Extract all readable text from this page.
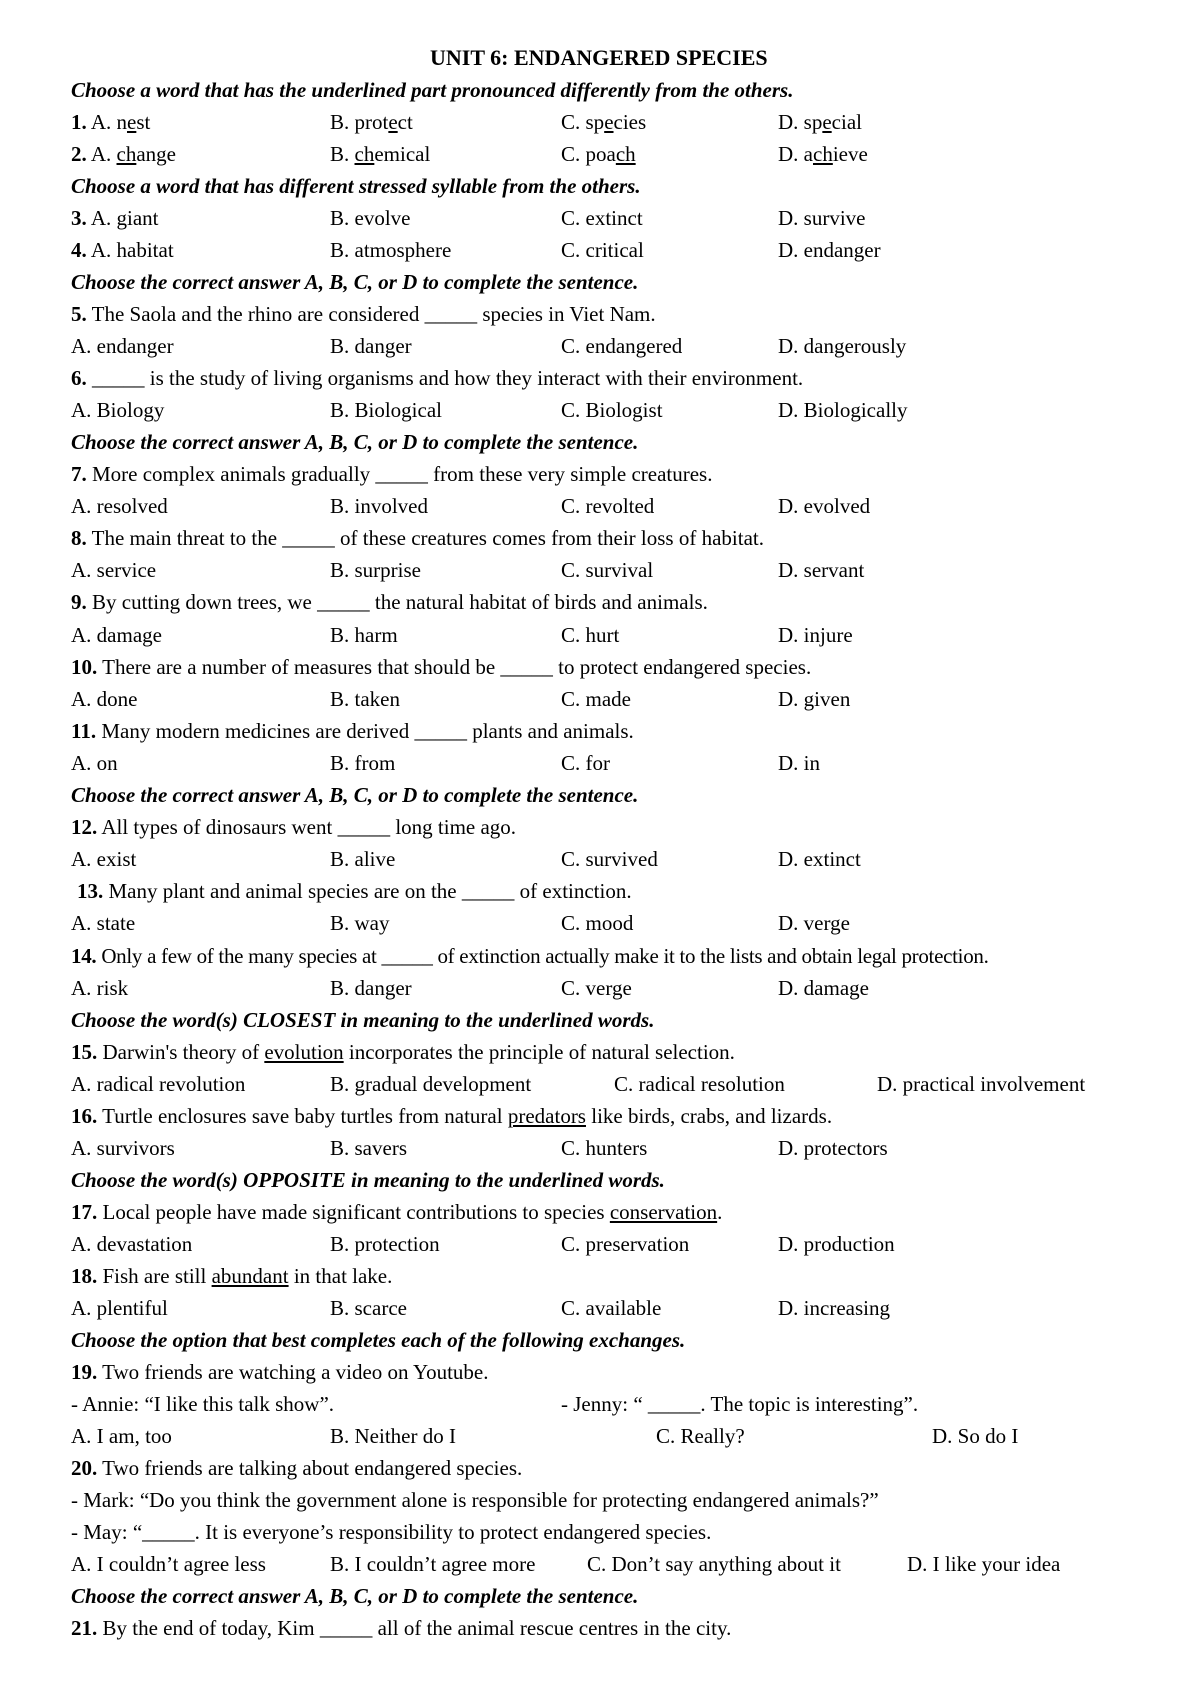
UNIT 6: ENDANGERED SPECIES
Choose a word that has the underlined part pronounced differently from the others.
1. A. nest	B. protect	C. species	D. special
2. A. change	B. chemical	C. poach	D. achieve
Choose a word that has different stressed syllable from the others.
3. A. giant	B. evolve	C. extinct	D. survive
4. A. habitat	B. atmosphere	C. critical	D. endanger
Choose the correct answer A, B, C, or D to complete the sentence.
5. The Saola and the rhino are considered _____ species in Viet Nam.
A. endanger	B. danger	C. endangered	D. dangerously
6. _____ is the study of living organisms and how they interact with their environment.
A. Biology	B. Biological	C. Biologist	D. Biologically
Choose the correct answer A, B, C, or D to complete the sentence.
7. More complex animals gradually _____ from these very simple creatures.
A. resolved	B. involved	C. revolted	D. evolved
8. The main threat to the _____ of these creatures comes from their loss of habitat.
A. service	B. surprise	C. survival	D. servant
9. By cutting down trees, we _____ the natural habitat of birds and animals.
A. damage	B. harm	C. hurt	D. injure
10. There are a number of measures that should be _____ to protect endangered species.
A. done	B. taken	C. made	D. given
11. Many modern medicines are derived _____ plants and animals.
A. on	B. from	C. for	D. in
Choose the correct answer A, B, C, or D to complete the sentence.
12. All types of dinosaurs went _____ long time ago.
A. exist	B. alive	C. survived	D. extinct
13. Many plant and animal species are on the _____ of extinction.
A. state	B. way	C. mood	D. verge
14. Only a few of the many species at _____ of extinction actually make it to the lists and obtain legal protection.
A. risk	B. danger	C. verge	D. damage
Choose the word(s) CLOSEST in meaning to the underlined words.
15. Darwin's theory of evolution incorporates the principle of natural selection.
A. radical revolution	B. gradual development	C. radical resolution	D. practical involvement
16. Turtle enclosures save baby turtles from natural predators like birds, crabs, and lizards.
A. survivors	B. savers	C. hunters	D. protectors
Choose the word(s) OPPOSITE in meaning to the underlined words.
17. Local people have made significant contributions to species conservation.
A. devastation	B. protection	C. preservation	D. production
18. Fish are still abundant in that lake.
A. plentiful	B. scarce	C. available	D. increasing
Choose the option that best completes each of the following exchanges.
19. Two friends are watching a video on Youtube.
- Annie: “I like this talk show”.	- Jenny: “ _____. The topic is interesting”.
A. I am, too	B. Neither do I	C. Really?	D. So do I
20. Two friends are talking about endangered species.
- Mark: “Do you think the government alone is responsible for protecting endangered animals?”
- May: “_____. It is everyone’s responsibility to protect endangered species.
A. I couldn’t agree less	B. I couldn’t agree more C. Don’t say anything about it	D. I like your idea
Choose the correct answer A, B, C, or D to complete the sentence.
21. By the end of today, Kim _____ all of the animal rescue centres in the city.
